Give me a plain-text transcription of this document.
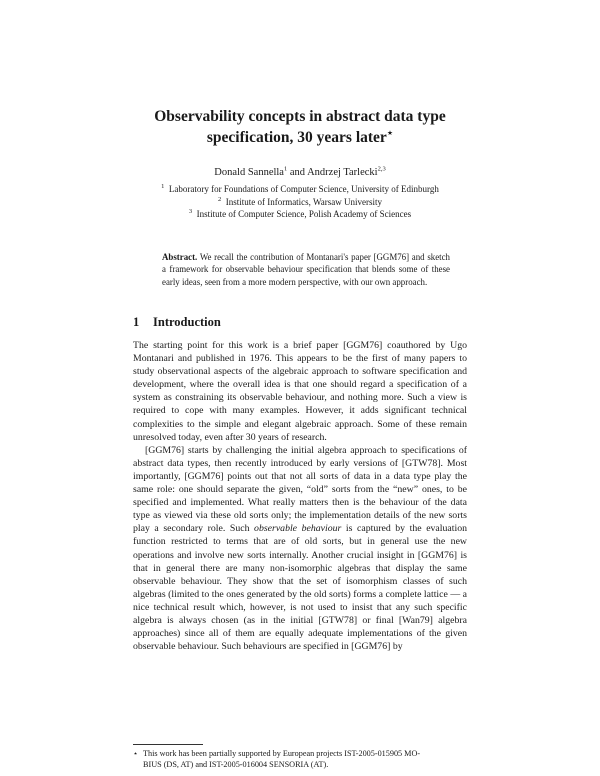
Observability concepts in abstract data type
specification, 30 years later⋆
Donald Sannella$^1$ and Andrzej Tarlecki$^{2,3}$
$^1$ Laboratory for Foundations of Computer Science, University of Edinburgh
$^2$ Institute of Informatics, Warsaw University
$^3$ Institute of Computer Science, Polish Academy of Sciences
Abstract. We recall the contribution of Montanari's paper [GGM76] and sketch a framework for observable behaviour specification that blends some of these early ideas, seen from a more modern perspective, with our own approach.
1 Introduction

The starting point for this work is a brief paper [GGM76] coauthored by Ugo Montanari and published in 1976. This appears to be the first of many papers to study observational aspects of the algebraic approach to software specification and development, where the overall idea is that one should regard a specification of a system as constraining its observable behaviour, and nothing more. Such a view is required to cope with many examples. However, it adds significant technical complexities to the simple and elegant algebraic approach. Some of these remain unresolved today, even after 30 years of research.

[GGM76] starts by challenging the initial algebra approach to specifications of abstract data types, then recently introduced by early versions of [GTW78]. Most importantly, [GGM76] points out that not all sorts of data in a data type play the same role: one should separate the given, “old” sorts from the “new” ones, to be specified and implemented. What really matters then is the behaviour of the data type as viewed via these old sorts only; the implementation details of the new sorts play a secondary role. Such observable behaviour is captured by the evaluation function restricted to terms that are of old sorts, but in general use the new operations and involve new sorts internally. Another crucial insight in [GGM76] is that in general there are many non-isomorphic algebras that display the same observable behaviour. They show that the set of isomorphism classes of such algebras (limited to the ones generated by the old sorts) forms a complete lattice — a nice technical result which, however, is not used to insist that any such specific algebra is always chosen (as in the initial [GTW78] or final [Wan79] algebra approaches) since all of them are equally adequate implementations of the given observable behaviour. Such behaviours are specified in [GGM76] by

⋆ This work has been partially supported by European projects IST-2005-015905 MO-
BIUS (DS, AT) and IST-2005-016004 SENSORIA (AT).
